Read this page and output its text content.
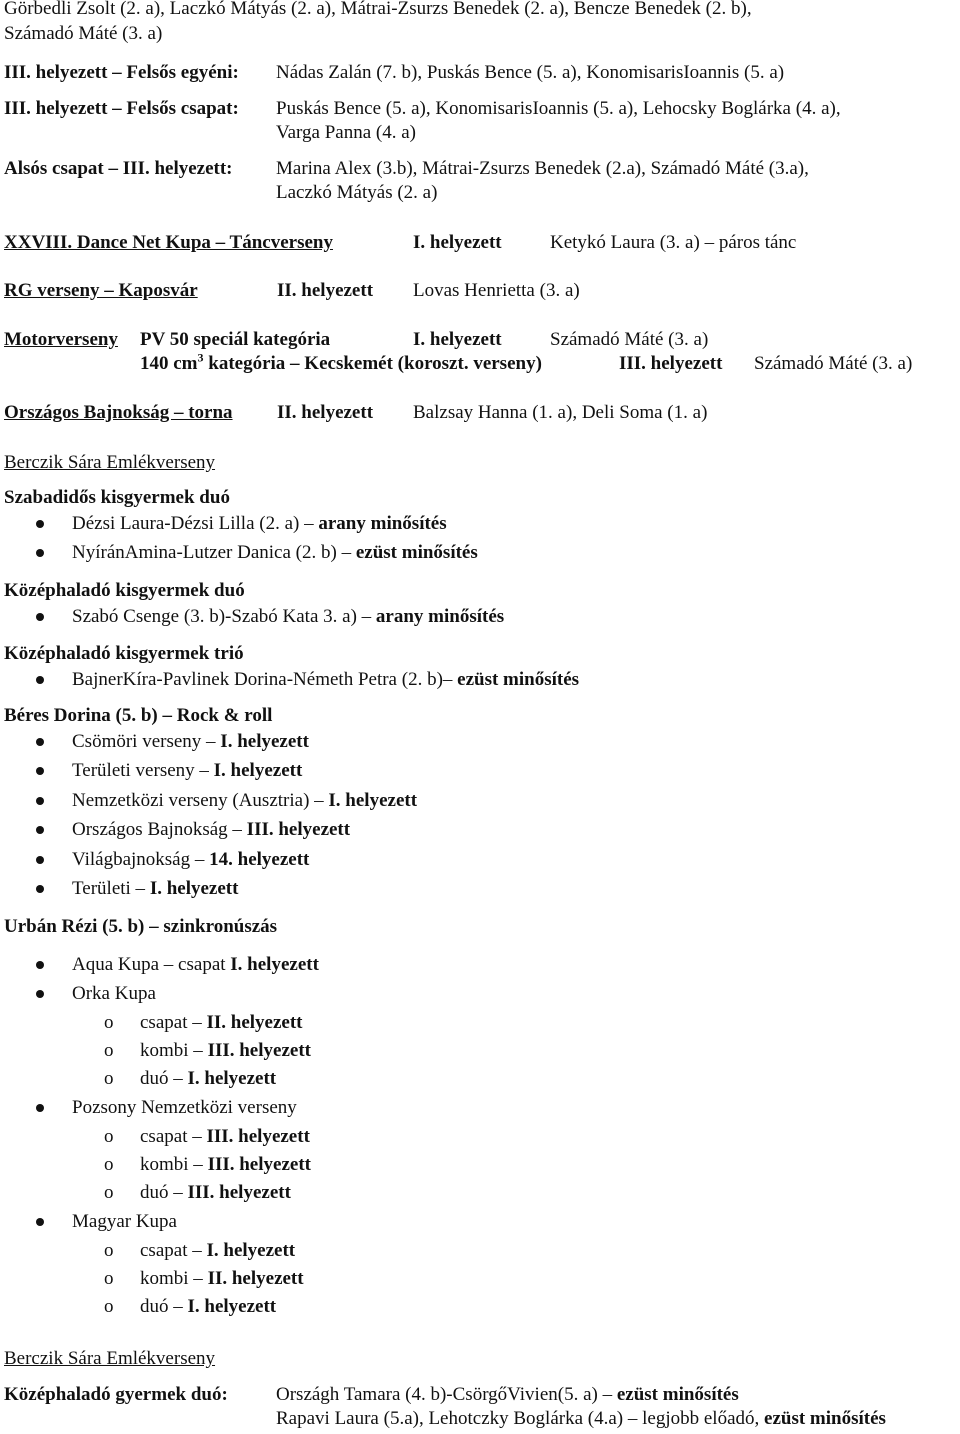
Görbedli Zsolt (2. a), Laczkó Mátyás (2. a), Mátrai-Zsurzs Benedek (2. a), Bencze Benedek (2. b),
Számadó Máté (3. a)
III. helyezett – Felsős egyéni: Nádas Zalán (7. b), Puskás Bence (5. a), KonomisarisIoannis (5. a)
III. helyezett – Felsős csapat: Puskás Bence (5. a), KonomisarisIoannis (5. a), Lehocsky Boglárka (4. a),
Varga Panna (4. a)
Alsós csapat – III. helyezett: Marina Alex (3.b), Mátrai-Zsurzs Benedek (2.a), Számadó Máté (3.a),
Laczkó Mátyás (2. a)
XXVIII. Dance Net Kupa – Táncverseny	I. helyezett	Ketykó Laura (3. a) – páros tánc
RG verseny – Kaposvár	II. helyezett Lovas Henrietta (3. a)
Motorverseny PV 50 speciál kategória	I. helyezett	Számadó Máté (3. a)
140 $cm^3$ kategória – Kecskemét (koroszt. verseny)	III. helyezett Számadó Máté (3. a)
Országos Bajnokság – torna II. helyezett Balzsay Hanna (1. a), Deli Soma (1. a)
Berczik Sára Emlékverseny
Szabadidős kisgyermek duó
Dézsi Laura-Dézsi Lilla (2. a) – arany minősítés
NyíránAmina-Lutzer Danica (2. b) – ezüst minősítés
Középhaladó kisgyermek duó
Szabó Csenge (3. b)-Szabó Kata 3. a) – arany minősítés
Középhaladó kisgyermek trió
BajnerKíra-Pavlinek Dorina-Németh Petra (2. b)– ezüst minősítés
Béres Dorina (5. b) – Rock & roll
Csömöri verseny – I. helyezett
Területi verseny – I. helyezett
Nemzetközi verseny (Ausztria) – I. helyezett
Országos Bajnokság – III. helyezett
Világbajnokság – 14. helyezett
Területi – I. helyezett
Urbán Rézi (5. b) – szinkronúszás
Aqua Kupa – csapat I. helyezett
Orka Kupa
o csapat – II. helyezett
o kombi – III. helyezett
o duó – I. helyezett
Pozsony Nemzetközi verseny
o csapat – III. helyezett
o kombi – III. helyezett
o duó – III. helyezett
Magyar Kupa
o csapat – I. helyezett
o kombi – II. helyezett
o duó – I. helyezett
Berczik Sára Emlékverseny
Középhaladó gyermek duó:	Országh Tamara (4. b)-CsörgőVivien(5. a) – ezüst minősítés
Rapavi Laura (5.a), Lehotczky Boglárka (4.a) – legjobb előadó, ezüst minősítés
